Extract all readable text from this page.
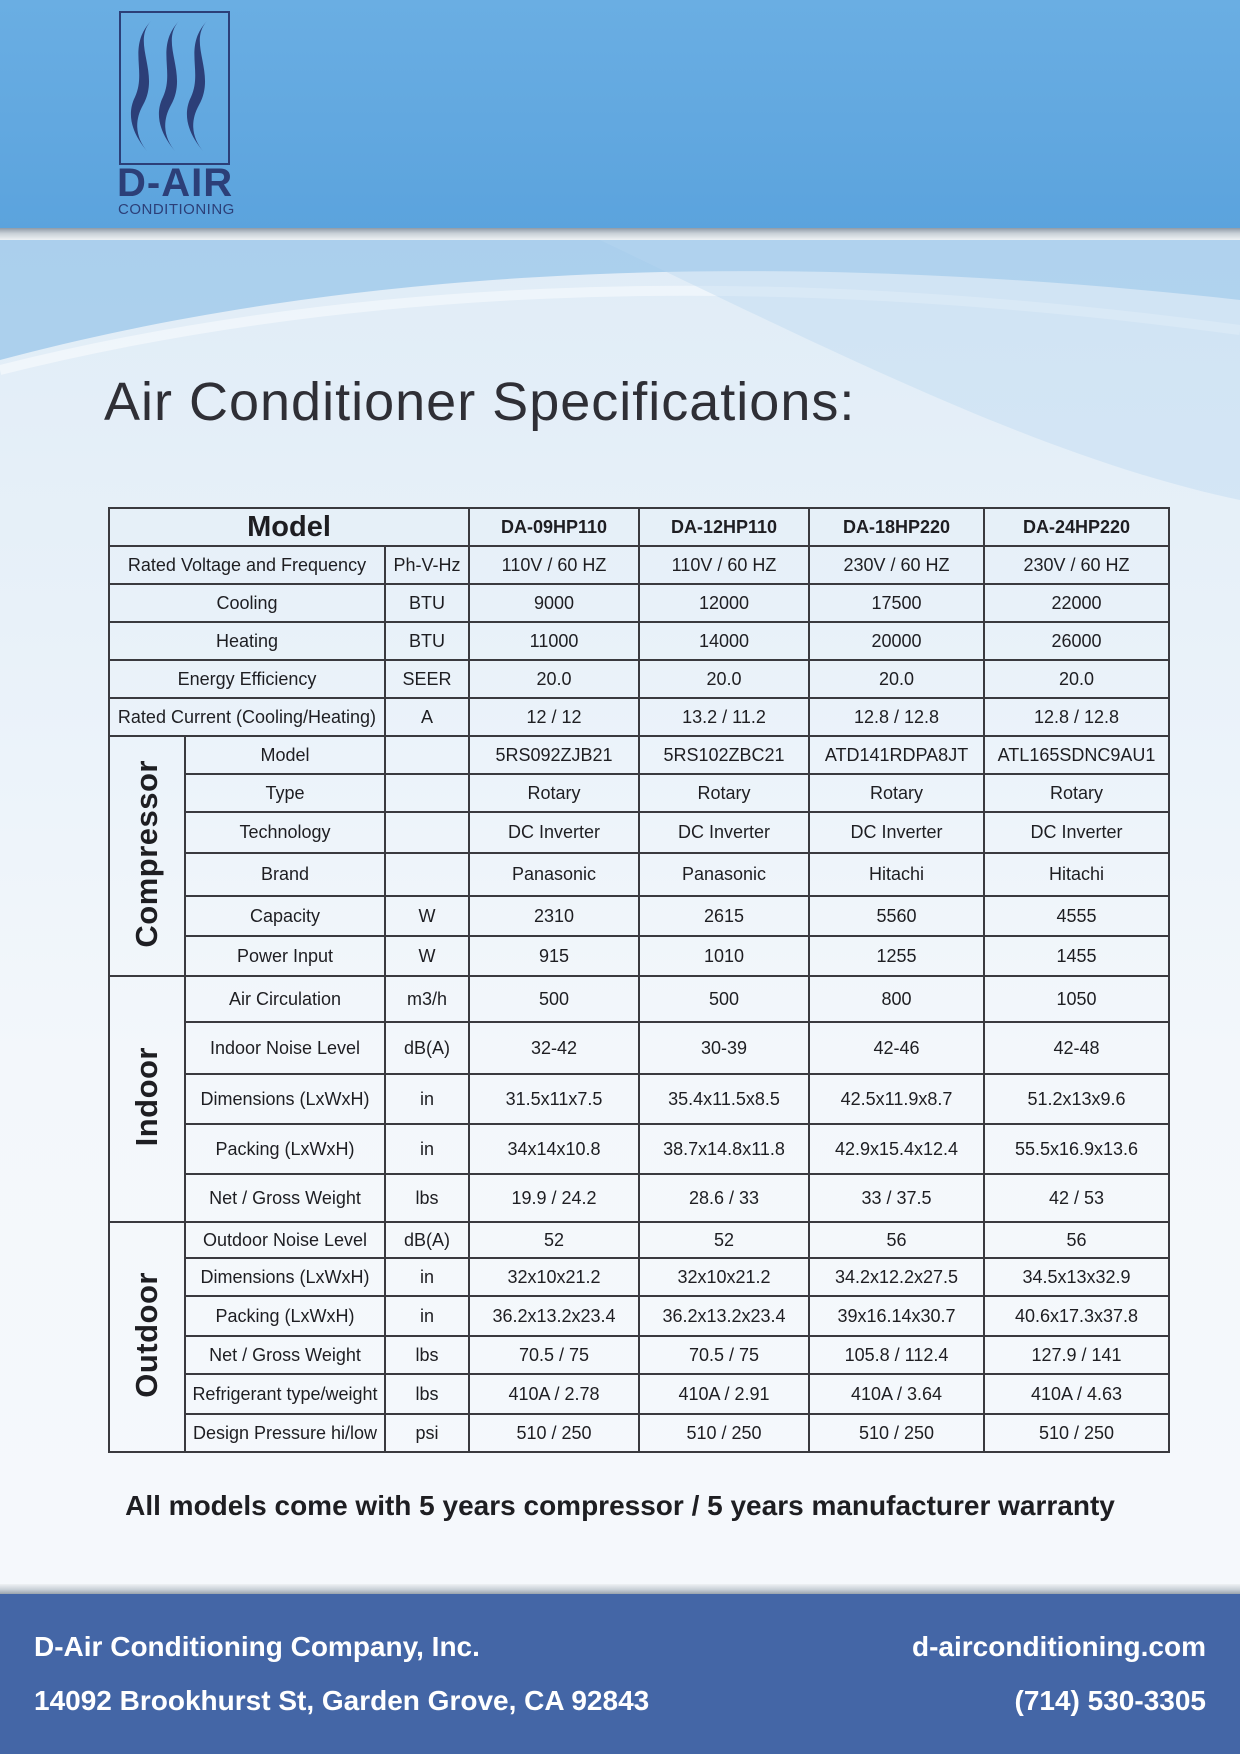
D-AIR
CONDITIONING
Air Conditioner Specifications:
Model			DA-09HP110	DA-12HP110	DA-18HP220	DA-24HP220
Rated Voltage and Frequency		Ph-V-Hz	110V / 60 HZ	110V / 60 HZ	230V / 60 HZ	230V / 60 HZ
Cooling		BTU	9000	12000	17500	22000
Heating		BTU	11000	14000	20000	26000
Energy Efficiency		SEER	20.0	20.0	20.0	20.0
Rated Current (Cooling/Heating)		A	12 / 12	13.2 / 11.2	12.8 / 12.8	12.8 / 12.8
Compressor	Model		5RS092ZJB21	5RS102ZBC21	ATD141RDPA8JT	ATL165SDNC9AU1
	Type		Rotary	Rotary	Rotary	Rotary
	Technology		DC Inverter	DC Inverter	DC Inverter	DC Inverter
	Brand		Panasonic	Panasonic	Hitachi	Hitachi
	Capacity	W	2310	2615	5560	4555
	Power Input	W	915	1010	1255	1455
Indoor	Air Circulation	m3/h	500	500	800	1050
	Indoor Noise Level	dB(A)	32-42	30-39	42-46	42-48
	Dimensions (LxWxH)	in	31.5x11x7.5	35.4x11.5x8.5	42.5x11.9x8.7	51.2x13x9.6
	Packing (LxWxH)	in	34x14x10.8	38.7x14.8x11.8	42.9x15.4x12.4	55.5x16.9x13.6
	Net / Gross Weight	lbs	19.9 / 24.2	28.6 / 33	33 / 37.5	42 / 53
Outdoor	Outdoor Noise Level	dB(A)	52	52	56	56
	Dimensions (LxWxH)	in	32x10x21.2	32x10x21.2	34.2x12.2x27.5	34.5x13x32.9
	Packing (LxWxH)	in	36.2x13.2x23.4	36.2x13.2x23.4	39x16.14x30.7	40.6x17.3x37.8
	Net / Gross Weight	lbs	70.5 / 75	70.5 / 75	105.8 / 112.4	127.9 / 141
	Refrigerant type/weight	lbs	410A / 2.78	410A / 2.91	410A / 3.64	410A / 4.63
	Design Pressure hi/low	psi	510 / 250	510 / 250	510 / 250	510 / 250
All models come with 5 years compressor / 5 years manufacturer warranty
D-Air Conditioning Company, Inc.
14092 Brookhurst St, Garden Grove, CA 92843
d-airconditioning.com
(714) 530-3305
